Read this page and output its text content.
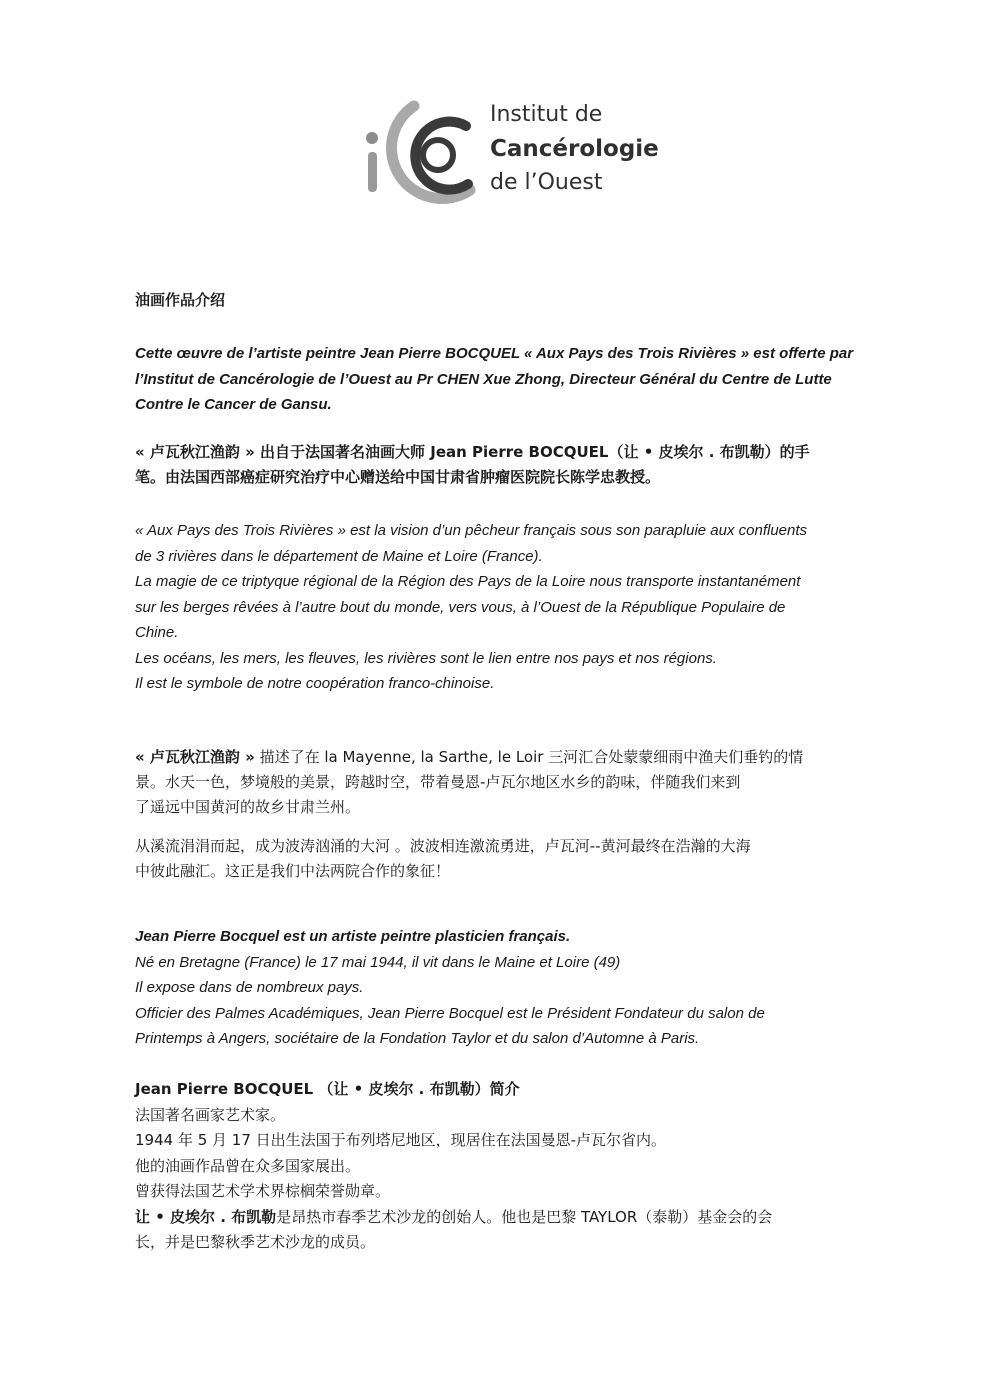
Institut de
Cancérologie
de l’Ouest
油画作品介绍
Cette œuvre de l’artiste peintre Jean Pierre BOCQUEL « Aux Pays des Trois Rivières » est offerte par
l’Institut de Cancérologie de l’Ouest au Pr CHEN Xue Zhong, Directeur Général du Centre de Lutte
Contre le Cancer de Gansu.
« 卢瓦秋江渔韵 » 出自于法国著名油画大师 Jean Pierre BOCQUEL（让 • 皮埃尔 . 布凯勒）的手
笔。由法国西部癌症研究治疗中心赠送给中国甘肃省肿瘤医院院长陈学忠教授。
« Aux Pays des Trois Rivières » est la vision d’un pêcheur français sous son parapluie aux confluents
de 3 rivières dans le département de Maine et Loire (France).
La magie de ce triptyque régional de la Région des Pays de la Loire nous transporte instantanément
sur les berges rêvées à l’autre bout du monde, vers vous, à l’Ouest de la République Populaire de
Chine.
Les océans, les mers, les fleuves, les rivières sont le lien entre nos pays et nos régions.
Il est le symbole de notre coopération franco-chinoise.
« 卢瓦秋江渔韵 » 描述了在 la Mayenne, la Sarthe, le Loir 三河汇合处蒙蒙细雨中渔夫们垂钓的情
景。水天一色，梦境般的美景，跨越时空，带着曼恩-卢瓦尔地区水乡的韵味，伴随我们来到
了遥远中国黄河的故乡甘肃兰州。
从溪流涓涓而起，成为波涛汹涌的大河 。波波相连激流勇进，卢瓦河--黄河最终在浩瀚的大海
中彼此融汇。这正是我们中法两院合作的象征！
Jean Pierre Bocquel est un artiste peintre plasticien français.
Né en Bretagne (France) le 17 mai 1944, il vit dans le Maine et Loire (49)
Il expose dans de nombreux pays.
Officier des Palmes Académiques, Jean Pierre Bocquel est le Président Fondateur du salon de
Printemps à Angers, sociétaire de la Fondation Taylor et du salon d’Automne à Paris.
Jean Pierre BOCQUEL （让 • 皮埃尔 . 布凯勒）简介
法国著名画家艺术家。
1944 年 5 月 17 日出生法国于布列塔尼地区，现居住在法国曼恩-卢瓦尔省内。
他的油画作品曾在众多国家展出。
曾获得法国艺术学术界棕榈荣誉勋章。
让 • 皮埃尔 . 布凯勒是昂热市春季艺术沙龙的创始人。他也是巴黎 TAYLOR（泰勒）基金会的会
长，并是巴黎秋季艺术沙龙的成员。
